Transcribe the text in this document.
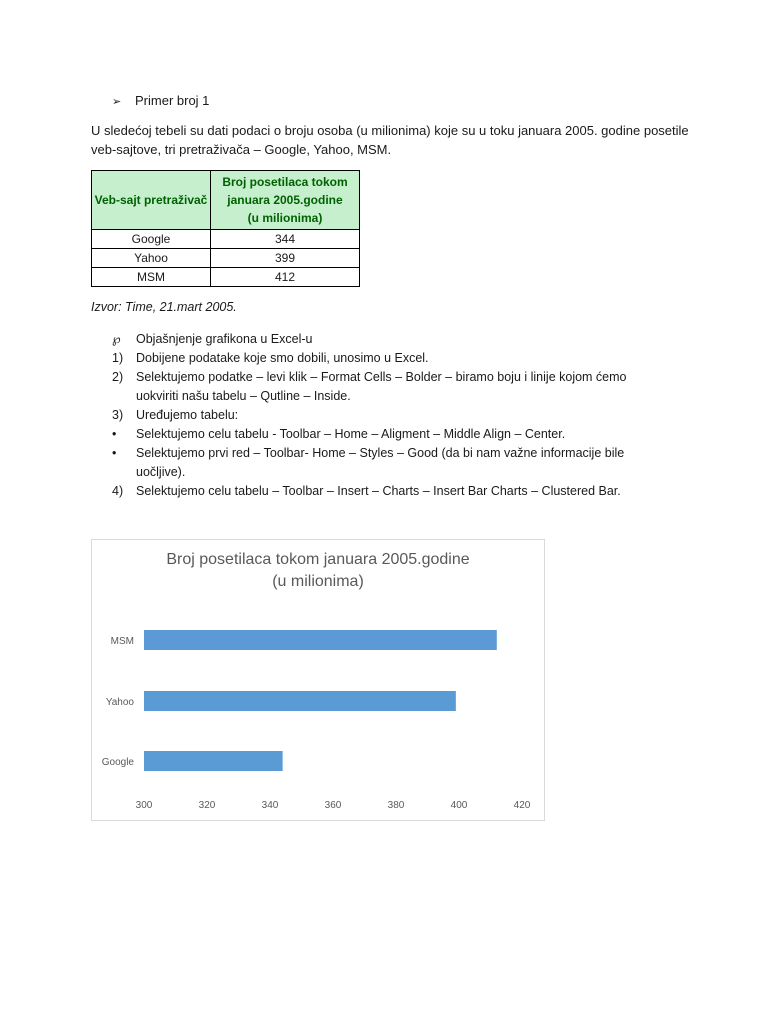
➢ Primer broj 1
U sledećoj tebeli su dati podaci o broju osoba (u milionima) koje su u toku januara 2005. godine posetile veb-sajtove, tri pretraživača – Google, Yahoo, MSM.
Veb-sajt pretraživač	Broj posetilaca tokom
januara 2005.godine
(u milionima)

Google	344
Yahoo	399
MSM	412
Izvor: Time, 21.mart 2005.
℘	Objašnjenje grafikona u Excel-u
1)	Dobijene podatake koje smo dobili, unosimo u Excel.
2)	Selektujemo podatke – levi klik – Format Cells – Bolder – biramo boju i linije kojom ćemo uokviriti našu tabelu – Qutline – Inside.
3)	Uređujemo tabelu:
•	Selektujemo celu tabelu - Toolbar – Home – Aligment – Middle Align – Center.
•	Selektujemo prvi red – Toolbar- Home – Styles – Good (da bi nam važne informacije bile uočljive).
4)	Selektujemo celu tabelu – Toolbar – Insert – Charts – Insert Bar Charts – Clustered Bar.
Broj posetilaca tokom januara 2005.godine
(u milionima)
Google
Yahoo
MSM
300	320	340	360	380	400	420
